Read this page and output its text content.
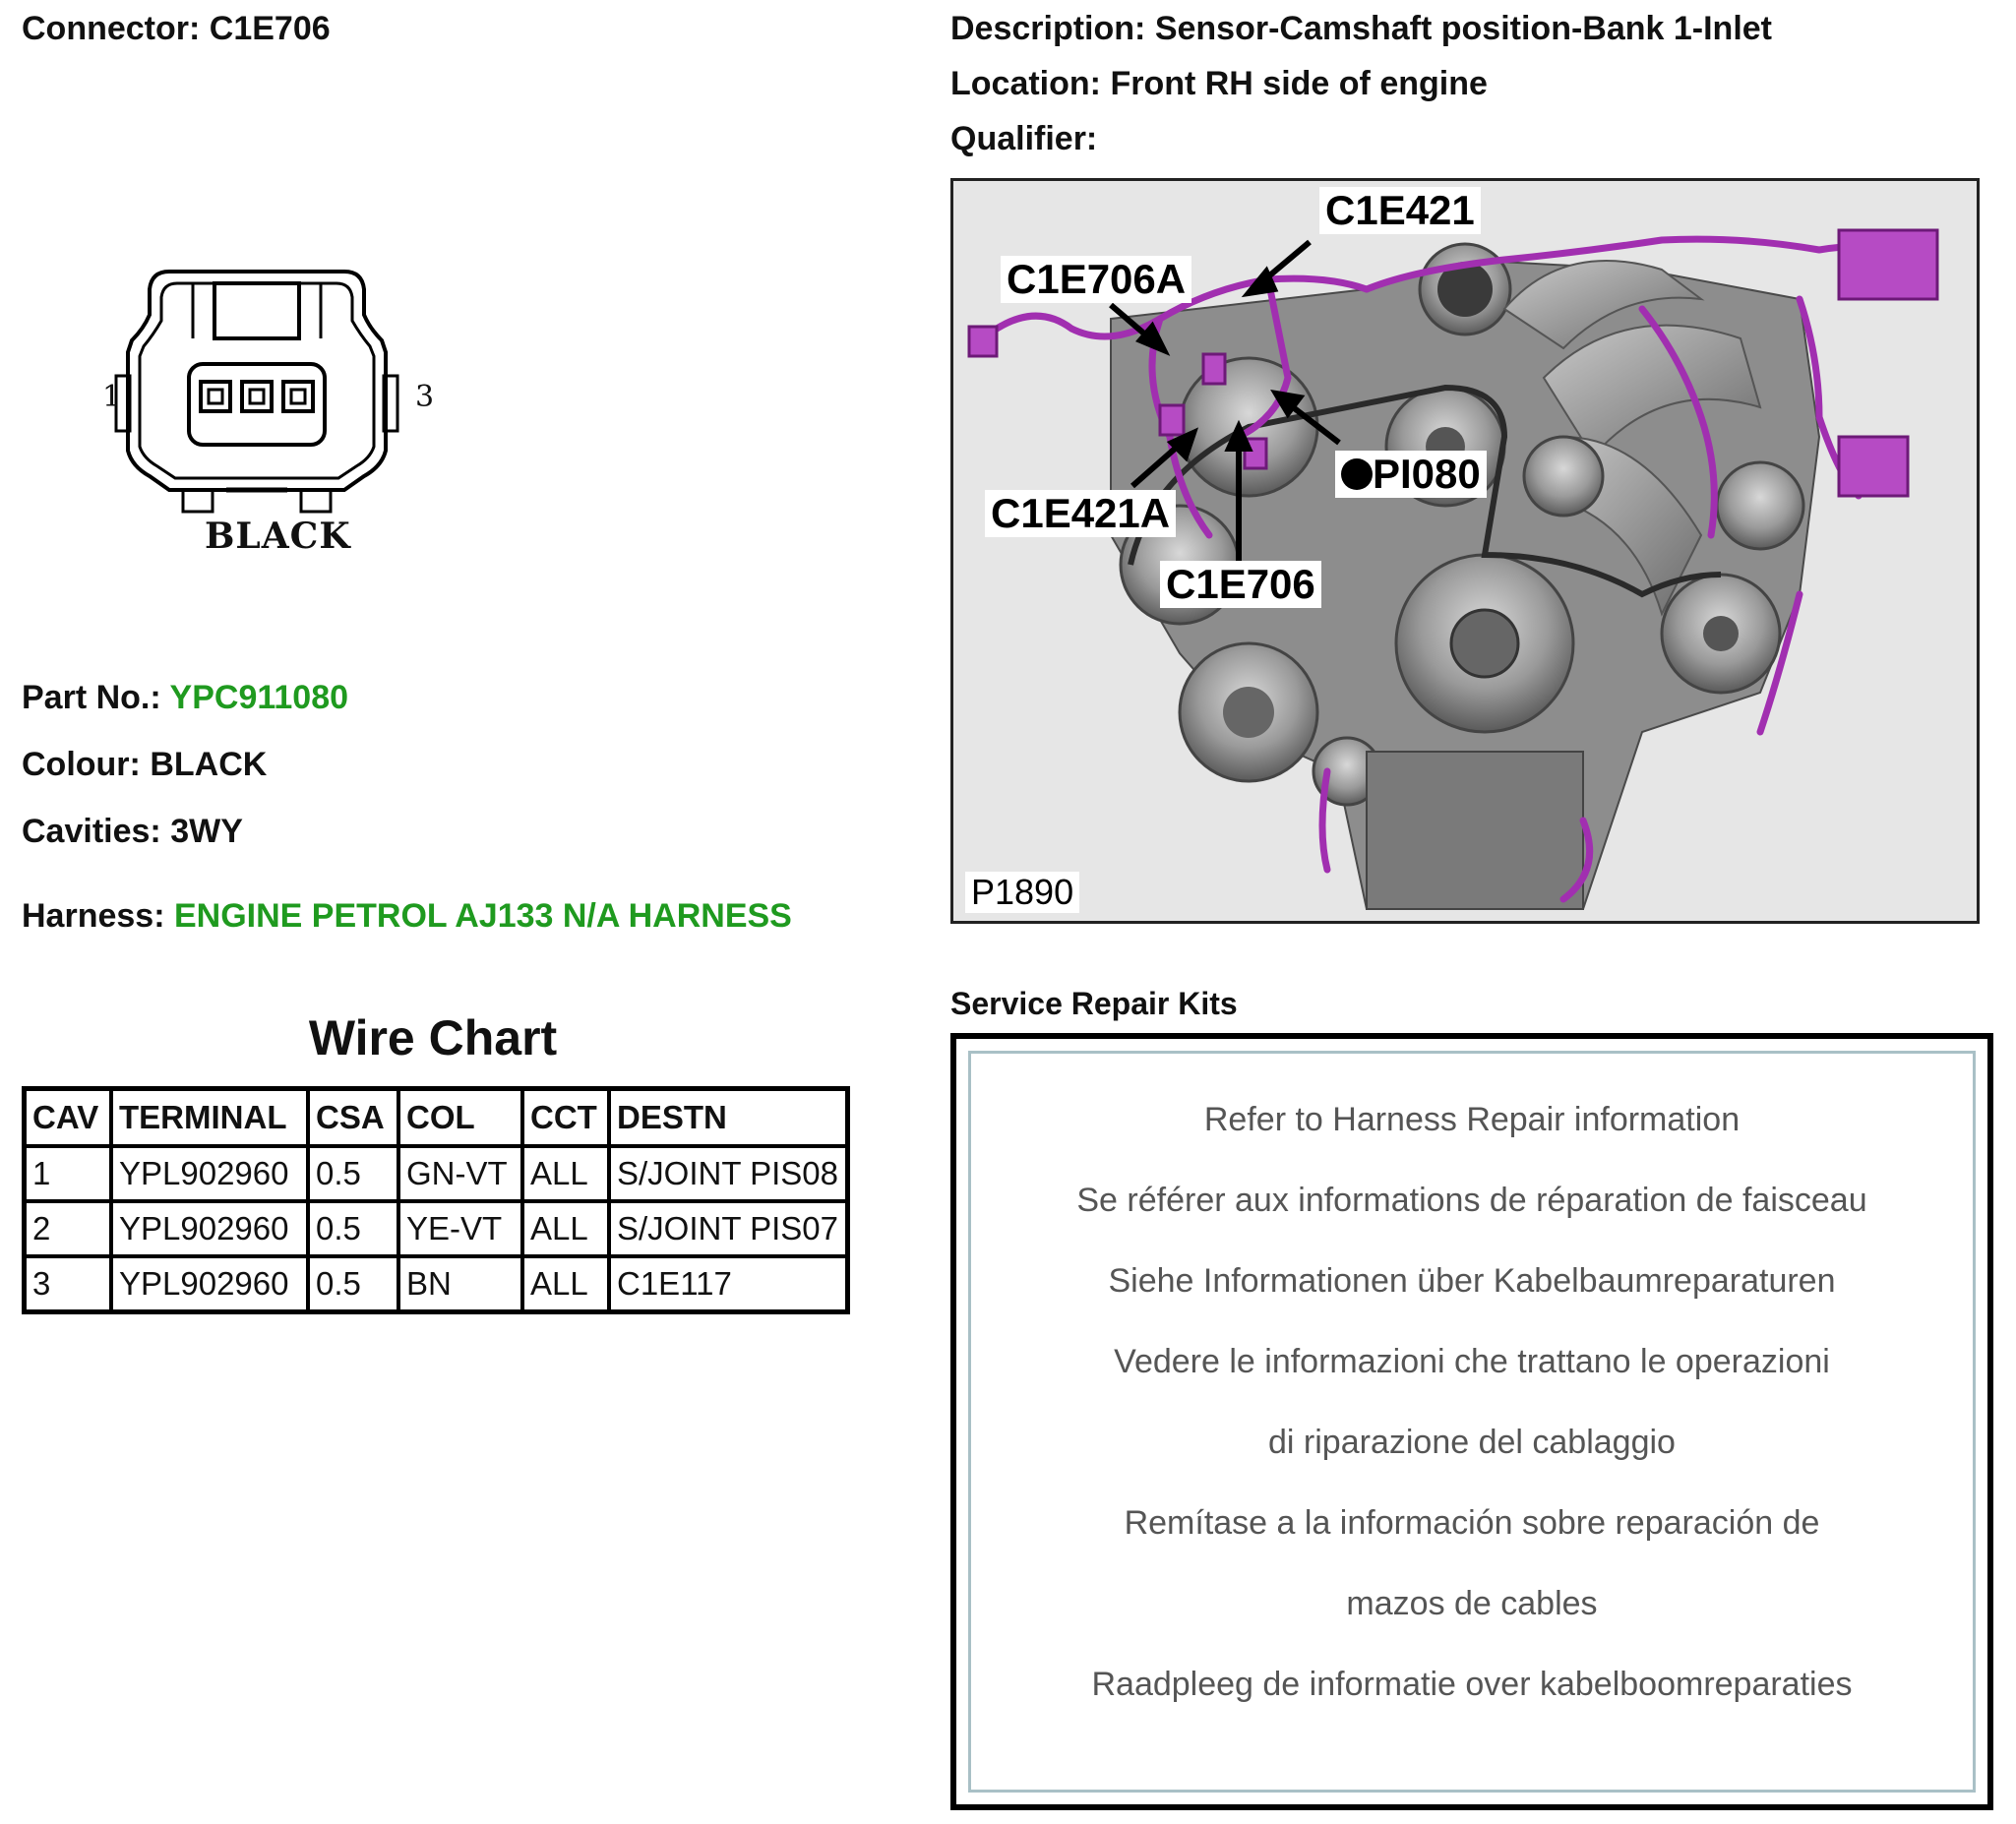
Connector: C1E706
1	3
BLACK
Part No.: YPC911080
Colour: BLACK
Cavities: 3WY
Harness: ENGINE PETROL AJ133 N/A HARNESS
Wire Chart
CAV	TERMINAL	CSA	COL	CCT	DESTN
1	YPL902960	0.5	GN-VT	ALL	S/JOINT PIS08
2	YPL902960	0.5	YE-VT	ALL	S/JOINT PIS07
3	YPL902960	0.5	BN	ALL	C1E117
Description: Sensor-Camshaft position-Bank 1-Inlet
Location: Front RH side of engine
Qualifier:
C1E421
C1E706A
PI080
C1E421A
C1E706
P1890
Service Repair Kits
Refer to Harness Repair information
Se référer aux informations de réparation de faisceau
Siehe Informationen über Kabelbaumreparaturen
Vedere le informazioni che trattano le operazioni
di riparazione del cablaggio
Remítase a la información sobre reparación de
mazos de cables
Raadpleeg de informatie over kabelboomreparaties
